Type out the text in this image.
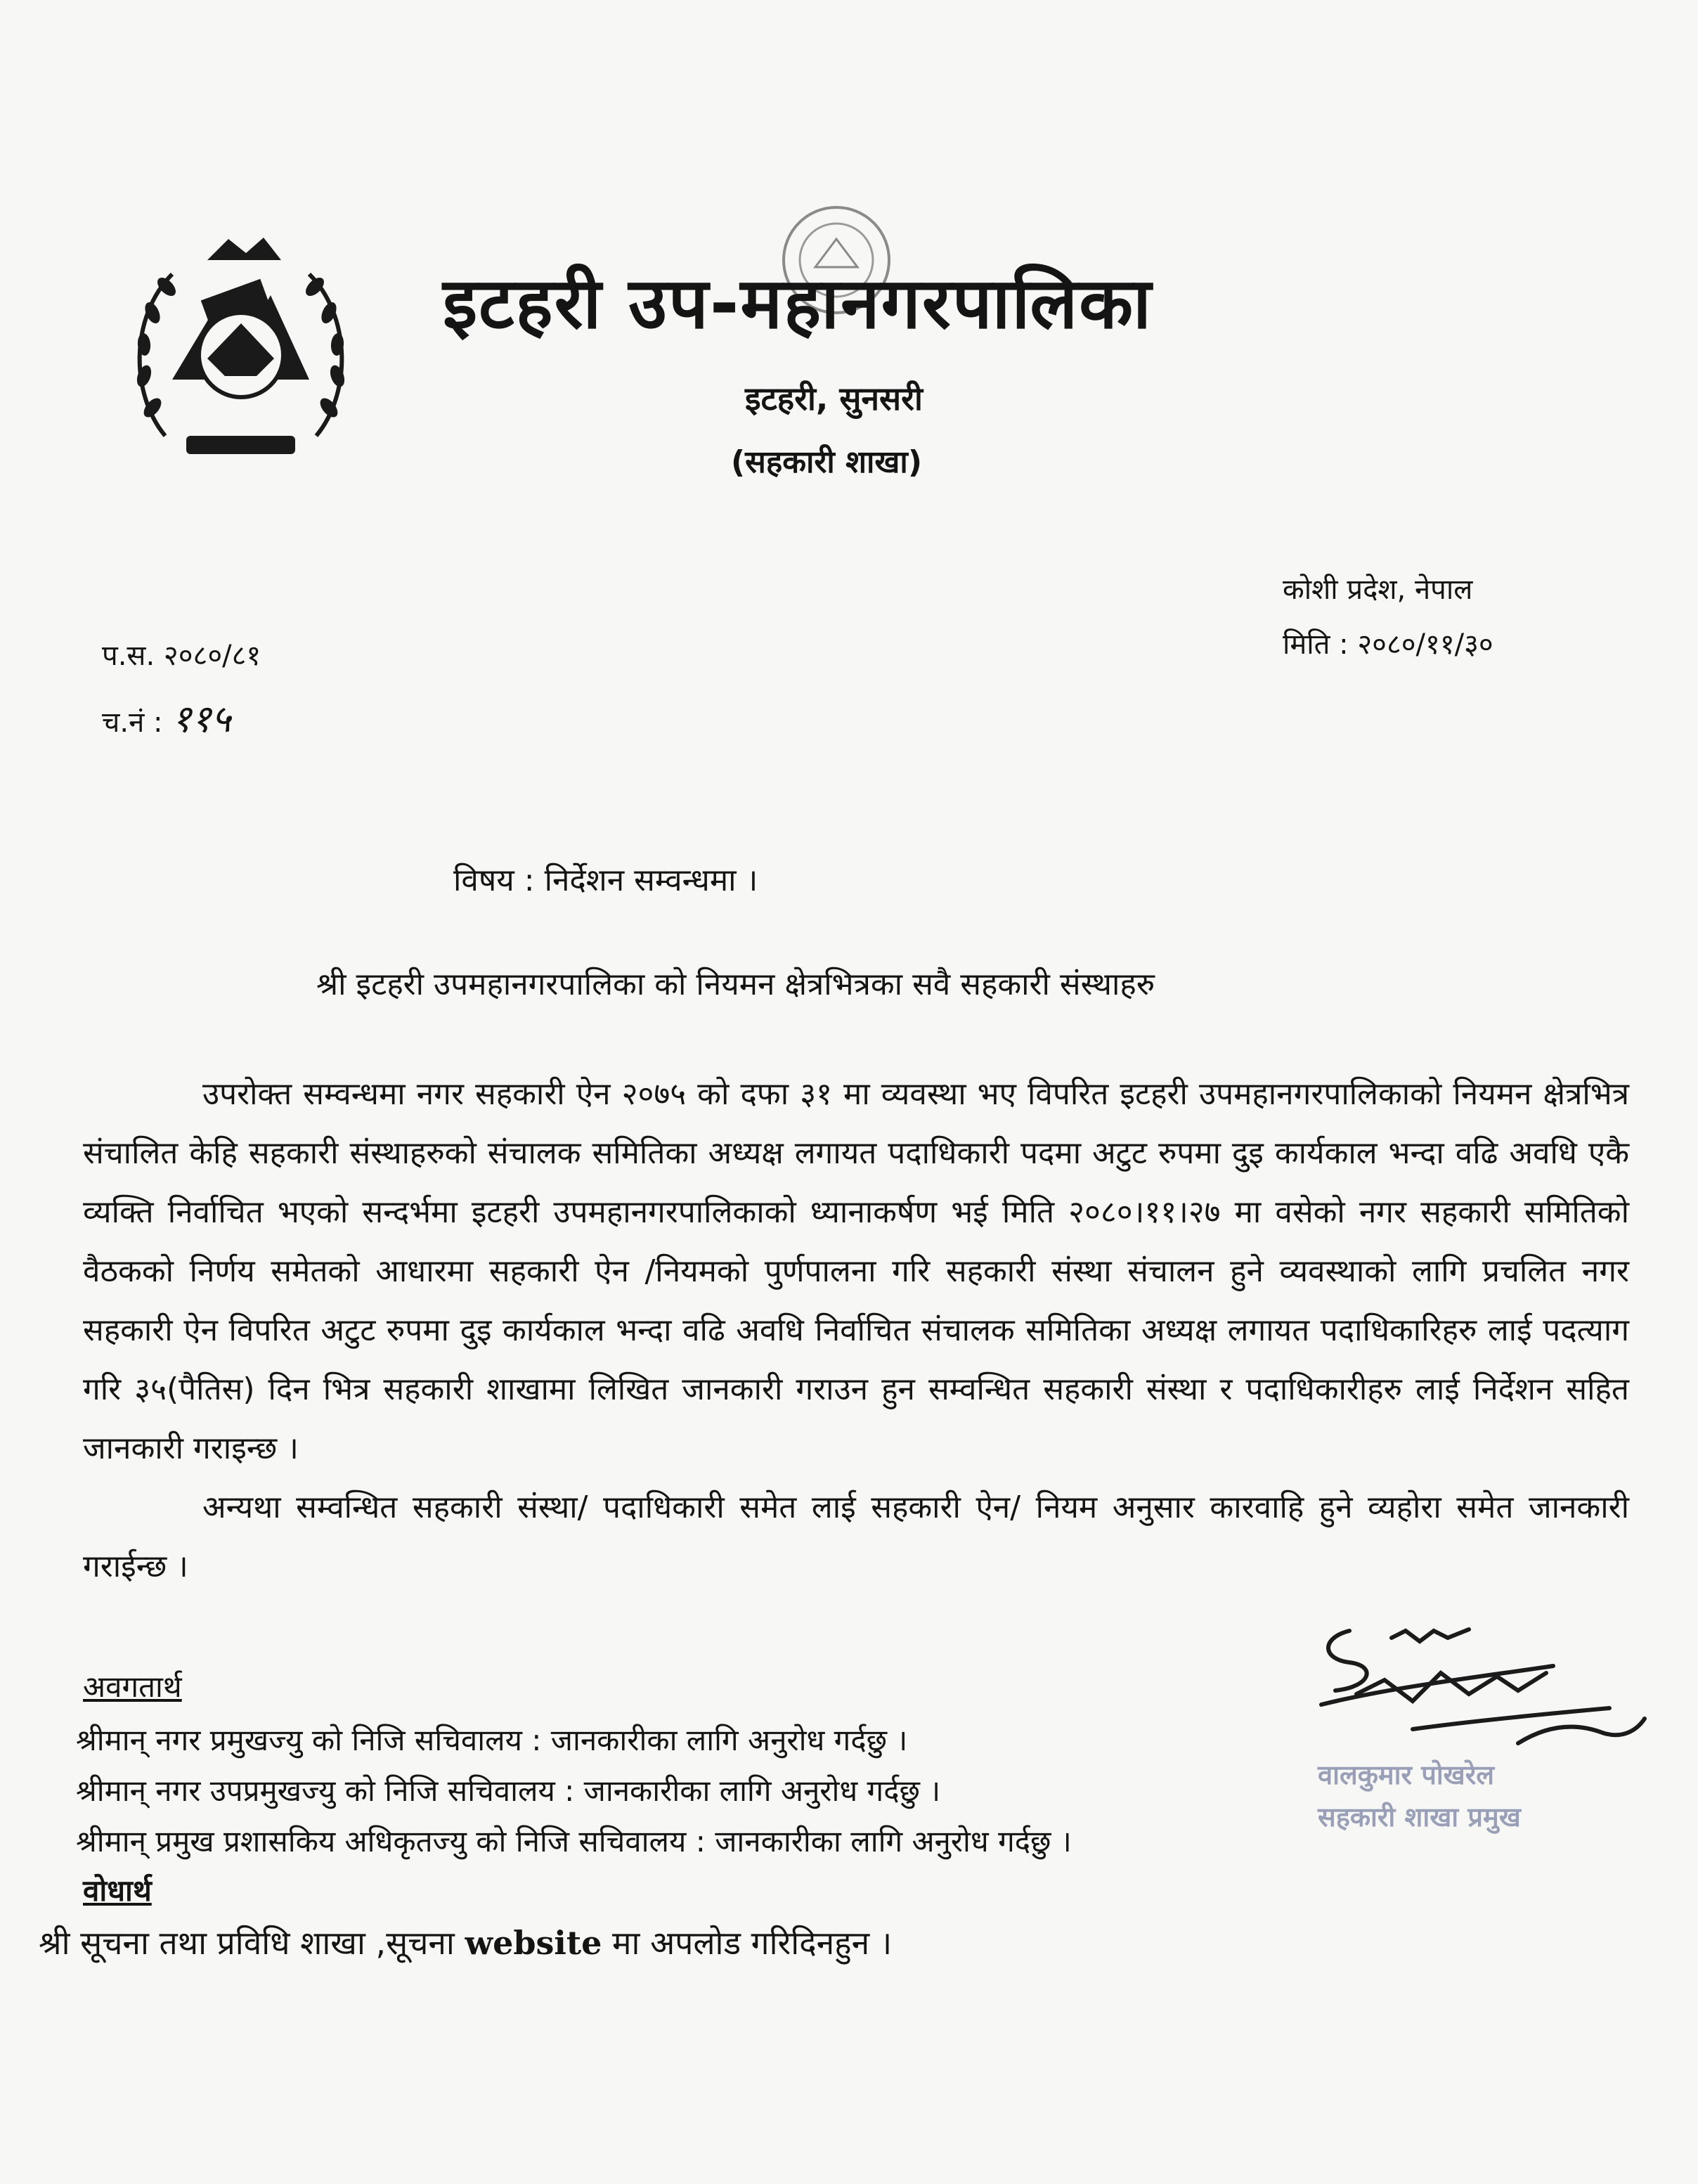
इटहरी उप-महानगरपालिका
इटहरी, सुनसरी
(सहकारी शाखा)
कोशी प्रदेश, नेपाल
मिति : २०८०/११/३०
प.स. २०८०/८१
च.नं : ११५
विषय : निर्देशन सम्वन्धमा ।
श्री इटहरी उपमहानगरपालिका को नियमन क्षेत्रभित्रका सवै सहकारी संस्थाहरु

उपरोक्त सम्वन्धमा नगर सहकारी ऐन २०७५ को दफा ३१ मा व्यवस्था भए विपरित इटहरी उपमहानगरपालिकाको नियमन क्षेत्रभित्र संचालित केहि सहकारी संस्थाहरुको संचालक समितिका अध्यक्ष लगायत पदाधिकारी पदमा अटुट रुपमा दुइ कार्यकाल भन्दा वढि अवधि एकै व्यक्ति निर्वाचित भएको सन्दर्भमा इटहरी उपमहानगरपालिकाको ध्यानाकर्षण भई मिति २०८०।११।२७ मा वसेको नगर सहकारी समितिको वैठकको निर्णय समेतको आधारमा सहकारी ऐन /नियमको पुर्णपालना गरि सहकारी संस्था संचालन हुने व्यवस्थाको लागि प्रचलित नगर सहकारी ऐन विपरित अटुट रुपमा दुइ कार्यकाल भन्दा वढि अवधि निर्वाचित संचालक समितिका अध्यक्ष लगायत पदाधिकारिहरु लाई पदत्याग गरि ३५(पैतिस) दिन भित्र सहकारी शाखामा लिखित जानकारी गराउन हुन सम्वन्धित सहकारी संस्था र पदाधिकारीहरु लाई निर्देशन सहित जानकारी गराइन्छ ।

अन्यथा सम्वन्धित सहकारी संस्था/ पदाधिकारी समेत लाई सहकारी ऐन/ नियम अनुसार कारवाहि हुने व्यहोरा समेत जानकारी गराईन्छ ।

वालकुमार पोखरेल
सहकारी शाखा प्रमुख
अवगतार्थ
श्रीमान् नगर प्रमुखज्यु को निजि सचिवालय : जानकारीका लागि अनुरोध गर्दछु ।
श्रीमान् नगर उपप्रमुखज्यु को निजि सचिवालय : जानकारीका लागि अनुरोध गर्दछु ।
श्रीमान् प्रमुख प्रशासकिय अधिकृतज्यु को निजि सचिवालय : जानकारीका लागि अनुरोध गर्दछु ।
वोधार्थ
श्री सूचना तथा प्रविधि शाखा ,सूचना website मा अपलोड गरिदिनहुन ।
